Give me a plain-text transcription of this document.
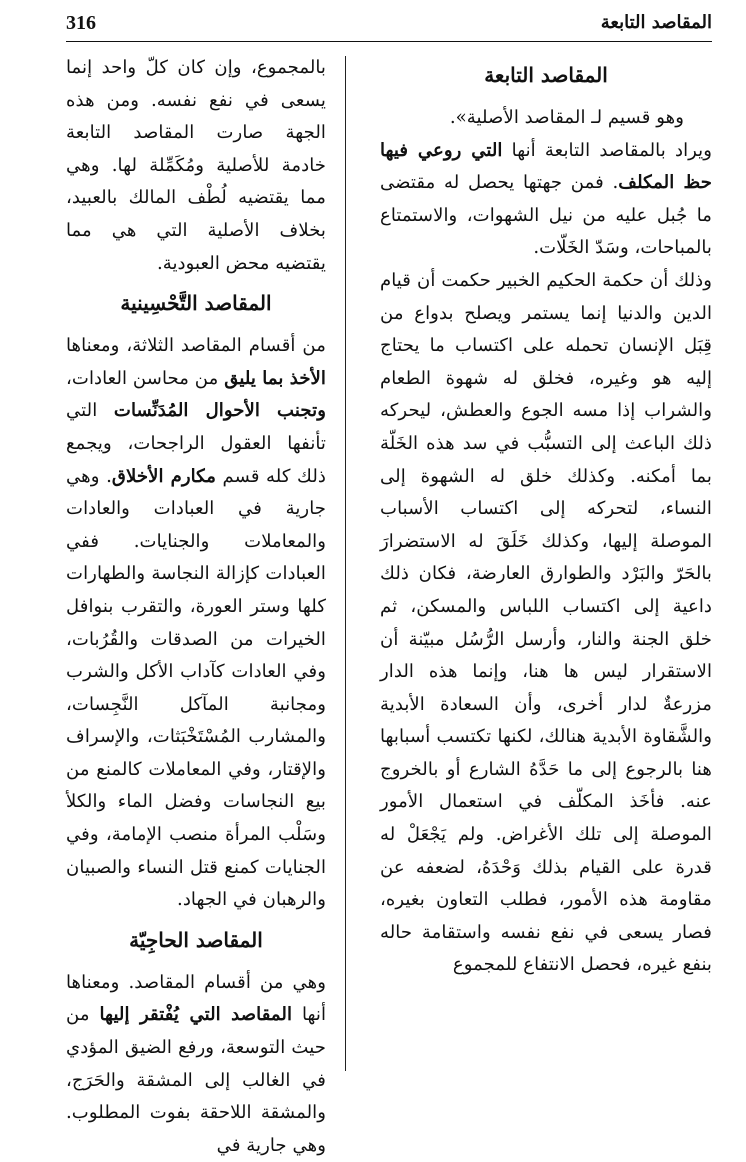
316	المقاصد التابعة
المقاصد التابعة

وهو قسيم لـ المقاصد الأصلية».

ويراد بالمقاصد التابعة أنها التي روعي فيها حظ المكلف. فمن جهتها يحصل له مقتضى ما جُبل عليه من نيل الشهوات، والاستمتاع بالمباحات، وسَدّ الخَلّات.

وذلك أن حكمة الحكيم الخبير حكمت أن قيام الدين والدنيا إنما يستمر ويصلح بدواع من قِبَل الإنسان تحمله على اكتساب ما يحتاج إليه هو وغيره، فخلق له شهوة الطعام والشراب إذا مسه الجوع والعطش، ليحركه ذلك الباعث إلى التسبُّب في سد هذه الخَلّة بما أمكنه. وكذلك خلق له الشهوة إلى النساء، لتحركه إلى اكتساب الأسباب الموصلة إليها، وكذلك خَلَقَ له الاستضرارَ بالحَرّ والبَرْد والطوارق العارضة، فكان ذلك داعية إلى اكتساب اللباس والمسكن، ثم خلق الجنة والنار، وأرسل الرُّسُل مبيّنة أن الاستقرار ليس ها هنا، وإنما هذه الدار مزرعةٌ لدار أخرى، وأن السعادة الأبدية والشَّقاوة الأبدية هنالك، لكنها تكتسب أسبابها هنا بالرجوع إلى ما حَدَّهُ الشارع أو بالخروج عنه. فأخَذ المكلّف في استعمال الأمور الموصلة إلى تلك الأغراض. ولم يَجْعَلْ له قدرة على القيام بذلك وَحْدَهُ، لضعفه عن مقاومة هذه الأمور، فطلب التعاون بغيره، فصار يسعى في نفع نفسه واستقامة حاله بنفع غيره، فحصل الانتفاع للمجموع

بالمجموع، وإن كان كلّ واحد إنما يسعى في نفع نفسه. ومن هذه الجهة صارت المقاصد التابعة خادمة للأصلية ومُكَمِّلة لها. وهي مما يقتضيه لُطْف المالك بالعبيد، بخلاف الأصلية التي هي مما يقتضيه محض العبودية.

المقاصد التَّحْسِينية

من أقسام المقاصد الثلاثة، ومعناها الأخذ بما يليق من محاسن العادات، وتجنب الأحوال المُدَنِّسات التي تأنفها العقول الراجحات، ويجمع ذلك كله قسم مكارم الأخلاق. وهي جارية في العبادات والعادات والمعاملات والجنايات. ففي العبادات كإزالة النجاسة والطهارات كلها وستر العورة، والتقرب بنوافل الخيرات من الصدقات والقُرُبات، وفي العادات كآداب الأكل والشرب ومجانبة المآكل النَّجِسات، والمشارب المُسْتَخْبَثات، والإسراف والإقتار، وفي المعاملات كالمنع من بيع النجاسات وفضل الماء والكلأ وسَلْب المرأة منصب الإمامة، وفي الجنايات كمنع قتل النساء والصبيان والرهبان في الجهاد.

المقاصد الحاجِيّة

وهي من أقسام المقاصد. ومعناها أنها المقاصد التي يُفْتقر إليها من حيث التوسعة، ورفع الضيق المؤدي في الغالب إلى المشقة والحَرَج، والمشقة اللاحقة بفوت المطلوب. وهي جارية في
